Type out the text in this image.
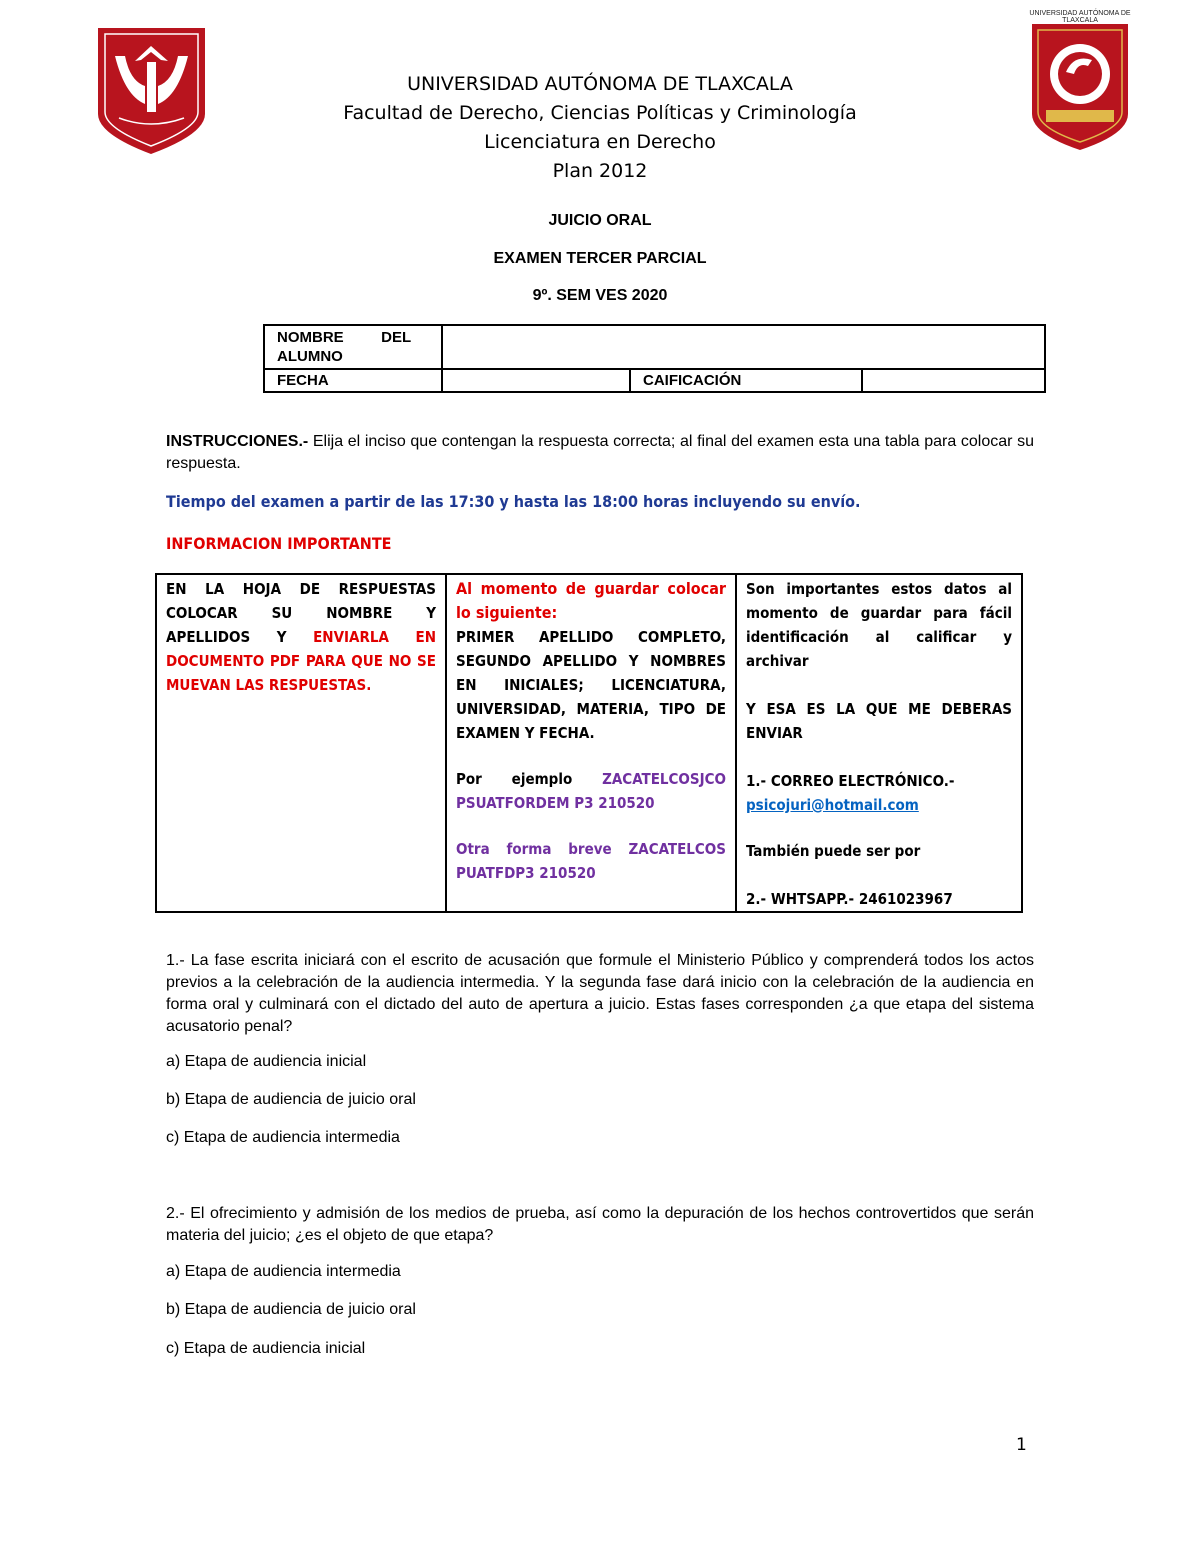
UNIVERSIDAD AUTÓNOMA DE TLAXCALA
UNIVERSIDAD AUTÓNOMA DE TLAXCALA
Facultad de Derecho, Ciencias Políticas y Criminología
Licenciatura en Derecho
Plan 2012
JUICIO ORAL
EXAMEN TERCER PARCIAL
9º. SEM VES 2020
NOMBRE         DEL
ALUMNO			

FECHA		CAIFICACIÓN	
INSTRUCCIONES.- Elija el inciso que contengan la respuesta correcta; al final del examen esta una tabla para colocar su respuesta.
Tiempo del examen a partir de las 17:30 y hasta las 18:00 horas incluyendo su envío.
INFORMACION IMPORTANTE
EN LA HOJA DE RESPUESTAS COLOCAR SU NOMBRE Y APELLIDOS Y ENVIARLA EN DOCUMENTO PDF PARA QUE NO SE MUEVAN LAS RESPUESTAS.

Al momento de guardar colocar lo siguiente:
PRIMER APELLIDO COMPLETO, SEGUNDO APELLIDO Y NOMBRES EN INICIALES; LICENCIATURA, UNIVERSIDAD, MATERIA, TIPO DE EXAMEN Y FECHA.
Por ejemplo ZACATELCOSJCO PSUATFORDEM P3 210520
Otra forma breve ZACATELCOS PUATFDP3 210520

Son importantes estos datos al momento de guardar para fácil identificación al calificar y archivar
Y ESA ES LA QUE ME DEBERAS ENVIAR
1.- CORREO ELECTRÓNICO.-
psicojuri@hotmail.com
También puede ser por
2.- WHTSAPP.- 2461023967
1.- La fase escrita iniciará con el escrito de acusación que formule el Ministerio Público y comprenderá todos los actos previos a la celebración de la audiencia intermedia. Y la segunda fase dará inicio con la celebración de la audiencia en forma oral y culminará con el dictado del auto de apertura a juicio. Estas fases corresponden ¿a que etapa del sistema acusatorio penal?
a) Etapa de audiencia inicial
b) Etapa de audiencia de juicio oral
c) Etapa de audiencia intermedia
2.- El ofrecimiento y admisión de los medios de prueba, así como la depuración de los hechos controvertidos que serán materia del juicio; ¿es el objeto de que etapa?
a) Etapa de audiencia intermedia
b) Etapa de audiencia de juicio oral
c) Etapa de audiencia inicial
1
